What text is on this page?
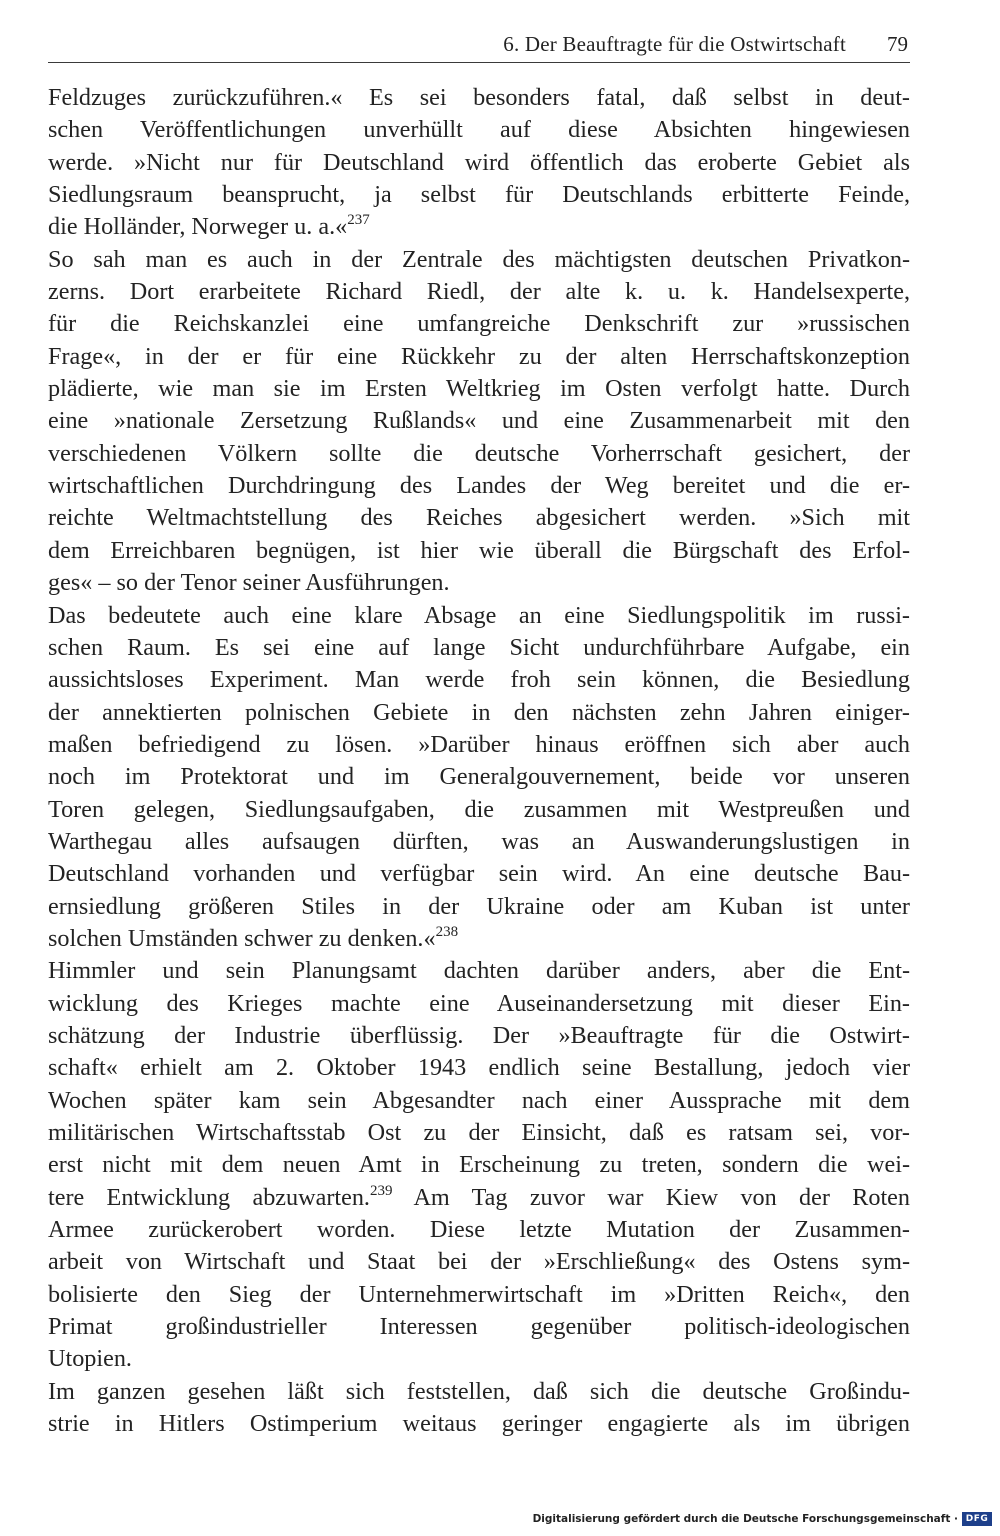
6. Der Beauftragte für die Ostwirtschaft 79
Feldzuges zurückzuführen.« Es sei besonders fatal, daß selbst in deut-
schen Veröffentlichungen unverhüllt auf diese Absichten hingewiesen
werde. »Nicht nur für Deutschland wird öffentlich das eroberte Gebiet als
Siedlungsraum beansprucht, ja selbst für Deutschlands erbitterte Feinde,
die Holländer, Norweger u. a.«$^{237}$
So sah man es auch in der Zentrale des mächtigsten deutschen Privatkon-
zerns. Dort erarbeitete Richard Riedl, der alte k. u. k. Handelsexperte,
für die Reichskanzlei eine umfangreiche Denkschrift zur »russischen
Frage«, in der er für eine Rückkehr zu der alten Herrschaftskonzeption
plädierte, wie man sie im Ersten Weltkrieg im Osten verfolgt hatte. Durch
eine »nationale Zersetzung Rußlands« und eine Zusammenarbeit mit den
verschiedenen Völkern sollte die deutsche Vorherrschaft gesichert, der
wirtschaftlichen Durchdringung des Landes der Weg bereitet und die er-
reichte Weltmachtstellung des Reiches abgesichert werden. »Sich mit
dem Erreichbaren begnügen, ist hier wie überall die Bürgschaft des Erfol-
ges« – so der Tenor seiner Ausführungen.
Das bedeutete auch eine klare Absage an eine Siedlungspolitik im russi-
schen Raum. Es sei eine auf lange Sicht undurchführbare Aufgabe, ein
aussichtsloses Experiment. Man werde froh sein können, die Besiedlung
der annektierten polnischen Gebiete in den nächsten zehn Jahren einiger-
maßen befriedigend zu lösen. »Darüber hinaus eröffnen sich aber auch
noch im Protektorat und im Generalgouvernement, beide vor unseren
Toren gelegen, Siedlungsaufgaben, die zusammen mit Westpreußen und
Warthegau alles aufsaugen dürften, was an Auswanderungslustigen in
Deutschland vorhanden und verfügbar sein wird. An eine deutsche Bau-
ernsiedlung größeren Stiles in der Ukraine oder am Kuban ist unter
solchen Umständen schwer zu denken.«$^{238}$
Himmler und sein Planungsamt dachten darüber anders, aber die Ent-
wicklung des Krieges machte eine Auseinandersetzung mit dieser Ein-
schätzung der Industrie überflüssig. Der »Beauftragte für die Ostwirt-
schaft« erhielt am 2. Oktober 1943 endlich seine Bestallung, jedoch vier
Wochen später kam sein Abgesandter nach einer Aussprache mit dem
militärischen Wirtschaftsstab Ost zu der Einsicht, daß es ratsam sei, vor-
erst nicht mit dem neuen Amt in Erscheinung zu treten, sondern die wei-
tere Entwicklung abzuwarten.$^{239}$ Am Tag zuvor war Kiew von der Roten
Armee zurückerobert worden. Diese letzte Mutation der Zusammen-
arbeit von Wirtschaft und Staat bei der »Erschließung« des Ostens sym-
bolisierte den Sieg der Unternehmerwirtschaft im »Dritten Reich«, den
Primat großindustrieller Interessen gegenüber politisch-ideologischen
Utopien.
Im ganzen gesehen läßt sich feststellen, daß sich die deutsche Großindu-
strie in Hitlers Ostimperium weitaus geringer engagierte als im übrigen
Digitalisierung gefördert durch die Deutsche Forschungsgemeinschaft · DFG
